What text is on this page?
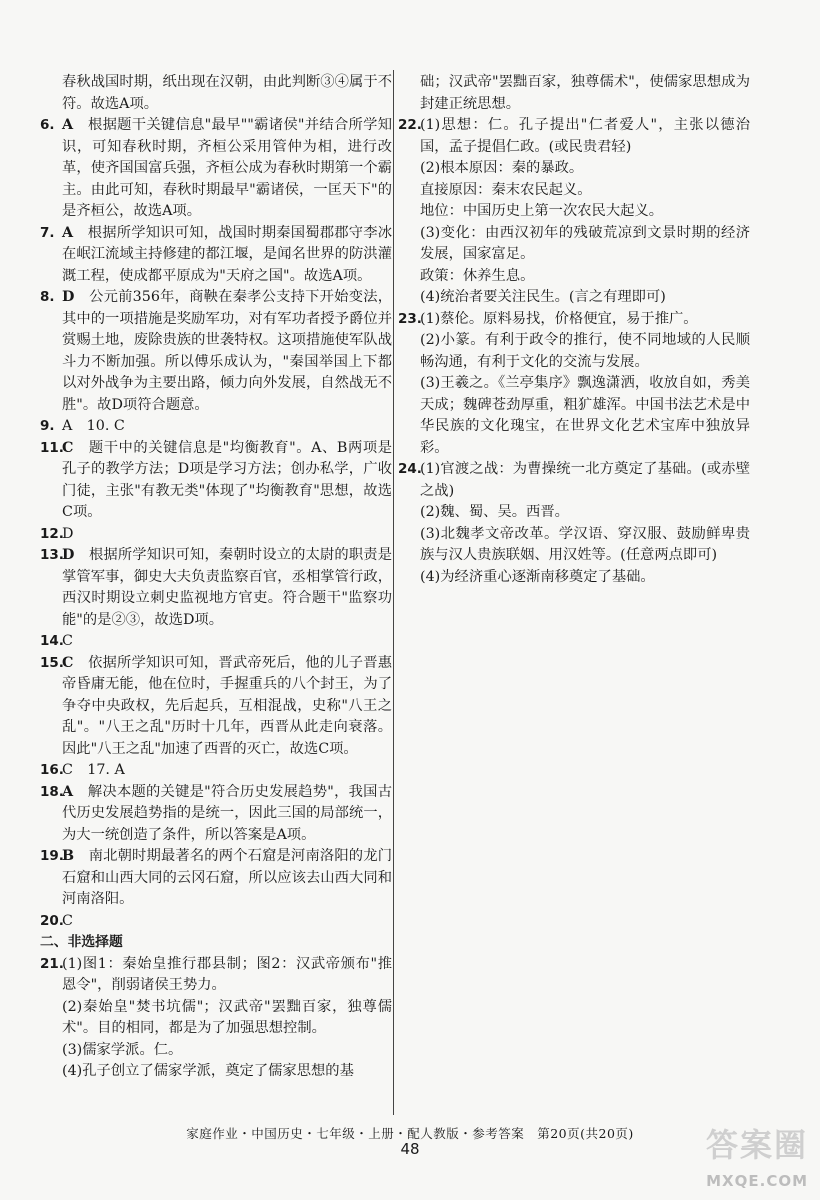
春秋战国时期，纸出现在汉朝，由此判断③④属于不符。故选A项。

6. A　 根据题干关键信息"最早""霸诸侯"并结合所学知识，可知春秋时期，齐桓公采用管仲为相，进行改革，使齐国国富兵强，齐桓公成为春秋时期第一个霸主。由此可知，春秋时期最早"霸诸侯，一匡天下"的是齐桓公，故选A项。

7. A　 根据所学知识可知，战国时期秦国蜀郡郡守李冰在岷江流域主持修建的都江堰，是闻名世界的防洪灌溉工程，使成都平原成为"天府之国"。故选A项。

8. D　 公元前356年，商鞅在秦孝公支持下开始变法，其中的一项措施是奖励军功，对有军功者授予爵位并赏赐土地，废除贵族的世袭特权。这项措施使军队战斗力不断加强。所以傅乐成认为，"秦国举国上下都以对外战争为主要出路，倾力向外发展，自然战无不胜"。故D项符合题意。

9. A　10. C

11.

C　 题干中的关键信息是"均衡教育"。A、B两项是孔子的教学方法；D项是学习方法；创办私学，广收门徒，主张"有教无类"体现了"均衡教育"思想，故选C项。

12.

D

13.

D　 根据所学知识可知，秦朝时设立的太尉的职责是掌管军事，御史大夫负责监察百官，丞相掌管行政，西汉时期设立刺史监视地方官吏。符合题干"监察功能"的是②③，故选D项。

14.

C

15.

C　 依据所学知识可知，晋武帝死后，他的儿子晋惠帝昏庸无能，他在位时，手握重兵的八个封王，为了争夺中央政权，先后起兵，互相混战，史称"八王之乱"。"八王之乱"历时十几年，西晋从此走向衰落。因此"八王之乱"加速了西晋的灭亡，故选C项。

16.

C　17. A

18.

A　 解决本题的关键是"符合历史发展趋势"，我国古代历史发展趋势指的是统一，因此三国的局部统一，为大一统创造了条件，所以答案是A项。

19.

B　 南北朝时期最著名的两个石窟是河南洛阳的龙门石窟和山西大同的云冈石窟，所以应该去山西大同和河南洛阳。

20.

C

二、非选择题

21.

(1)图1：秦始皇推行郡县制；图2：汉武帝颁布"推恩令"，削弱诸侯王势力。

(2)秦始皇"焚书坑儒"；汉武帝"罢黜百家，独尊儒术"。目的相同，都是为了加强思想控制。

(3)儒家学派。仁。

(4)孔子创立了儒家学派，奠定了儒家思想的基

础；汉武帝"罢黜百家，独尊儒术"，使儒家思想成为封建正统思想。

22.

(1)思想：仁。孔子提出"仁者爱人"，主张以德治国，孟子提倡仁政。(或民贵君轻)

(2)根本原因：秦的暴政。

直接原因：秦末农民起义。

地位：中国历史上第一次农民大起义。

(3)变化：由西汉初年的残破荒凉到文景时期的经济发展，国家富足。

政策：休养生息。

(4)统治者要关注民生。(言之有理即可)

23.

(1)蔡伦。原料易找，价格便宜，易于推广。

(2)小篆。有利于政令的推行，使不同地域的人民顺畅沟通，有利于文化的交流与发展。

(3)王羲之。《兰亭集序》飘逸潇洒，收放自如，秀美天成；魏碑苍劲厚重，粗犷雄浑。中国书法艺术是中华民族的文化瑰宝，在世界文化艺术宝库中独放异彩。

24.

(1)官渡之战：为曹操统一北方奠定了基础。(或赤壁之战)

(2)魏、蜀、吴。西晋。

(3)北魏孝文帝改革。学汉语、穿汉服、鼓励鲜卑贵族与汉人贵族联姻、用汉姓等。(任意两点即可)

(4)为经济重心逐渐南移奠定了基础。

家庭作业・中国历史・七年级・上册・配人教版・参考答案　第20页(共20页)
48	答案圈
MXQE.COM
